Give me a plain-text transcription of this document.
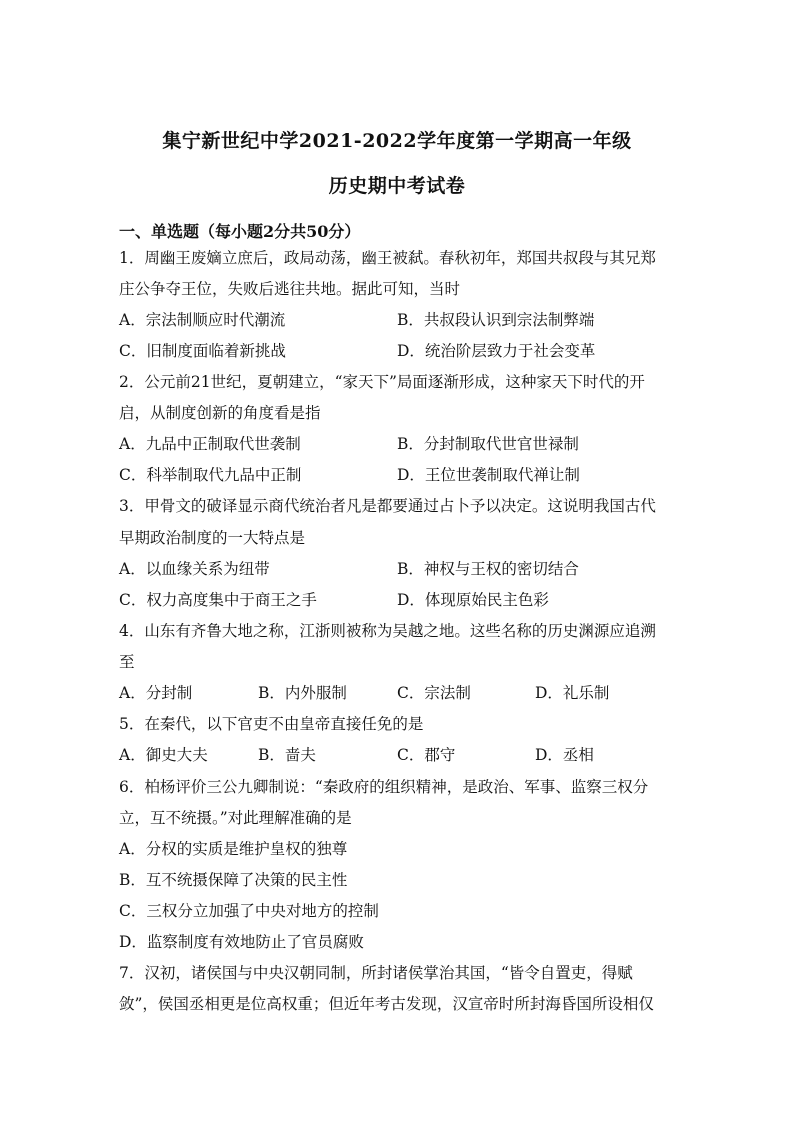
集宁新世纪中学2021-2022学年度第一学期高一年级
历史期中考试卷
一、单选题（每小题2分共50分）
1．周幽王废嫡立庶后，政局动荡，幽王被弑。春秋初年，郑国共叔段与其兄郑
庄公争夺王位，失败后逃往共地。据此可知，当时
A．宗法制顺应时代潮流	B．共叔段认识到宗法制弊端
C．旧制度面临着新挑战	D．统治阶层致力于社会变革
2．公元前21世纪，夏朝建立，“家天下”局面逐渐形成，这种家天下时代的开
启，从制度创新的角度看是指
A．九品中正制取代世袭制	B．分封制取代世官世禄制
C．科举制取代九品中正制	D．王位世袭制取代禅让制
3．甲骨文的破译显示商代统治者凡是都要通过占卜予以决定。这说明我国古代
早期政治制度的一大特点是
A．以血缘关系为纽带	B．神权与王权的密切结合
C．权力高度集中于商王之手	D．体现原始民主色彩
4．山东有齐鲁大地之称，江浙则被称为吴越之地。这些名称的历史渊源应追溯
至
A．分封制	B．内外服制	C．宗法制	D．礼乐制
5．在秦代，以下官吏不由皇帝直接任免的是
A．御史大夫	B．啬夫	C．郡守	D．丞相
6．柏杨评价三公九卿制说：“秦政府的组织精神，是政治、军事、监察三权分
立，互不统摄。”对此理解准确的是
A．分权的实质是维护皇权的独尊
B．互不统摄保障了决策的民主性
C．三权分立加强了中央对地方的控制
D．监察制度有效地防止了官员腐败
7．汉初，诸侯国与中央汉朝同制，所封诸侯掌治其国，“皆令自置吏，得赋
敛”，侯国丞相更是位高权重；但近年考古发现，汉宣帝时所封海昏国所设相仅
